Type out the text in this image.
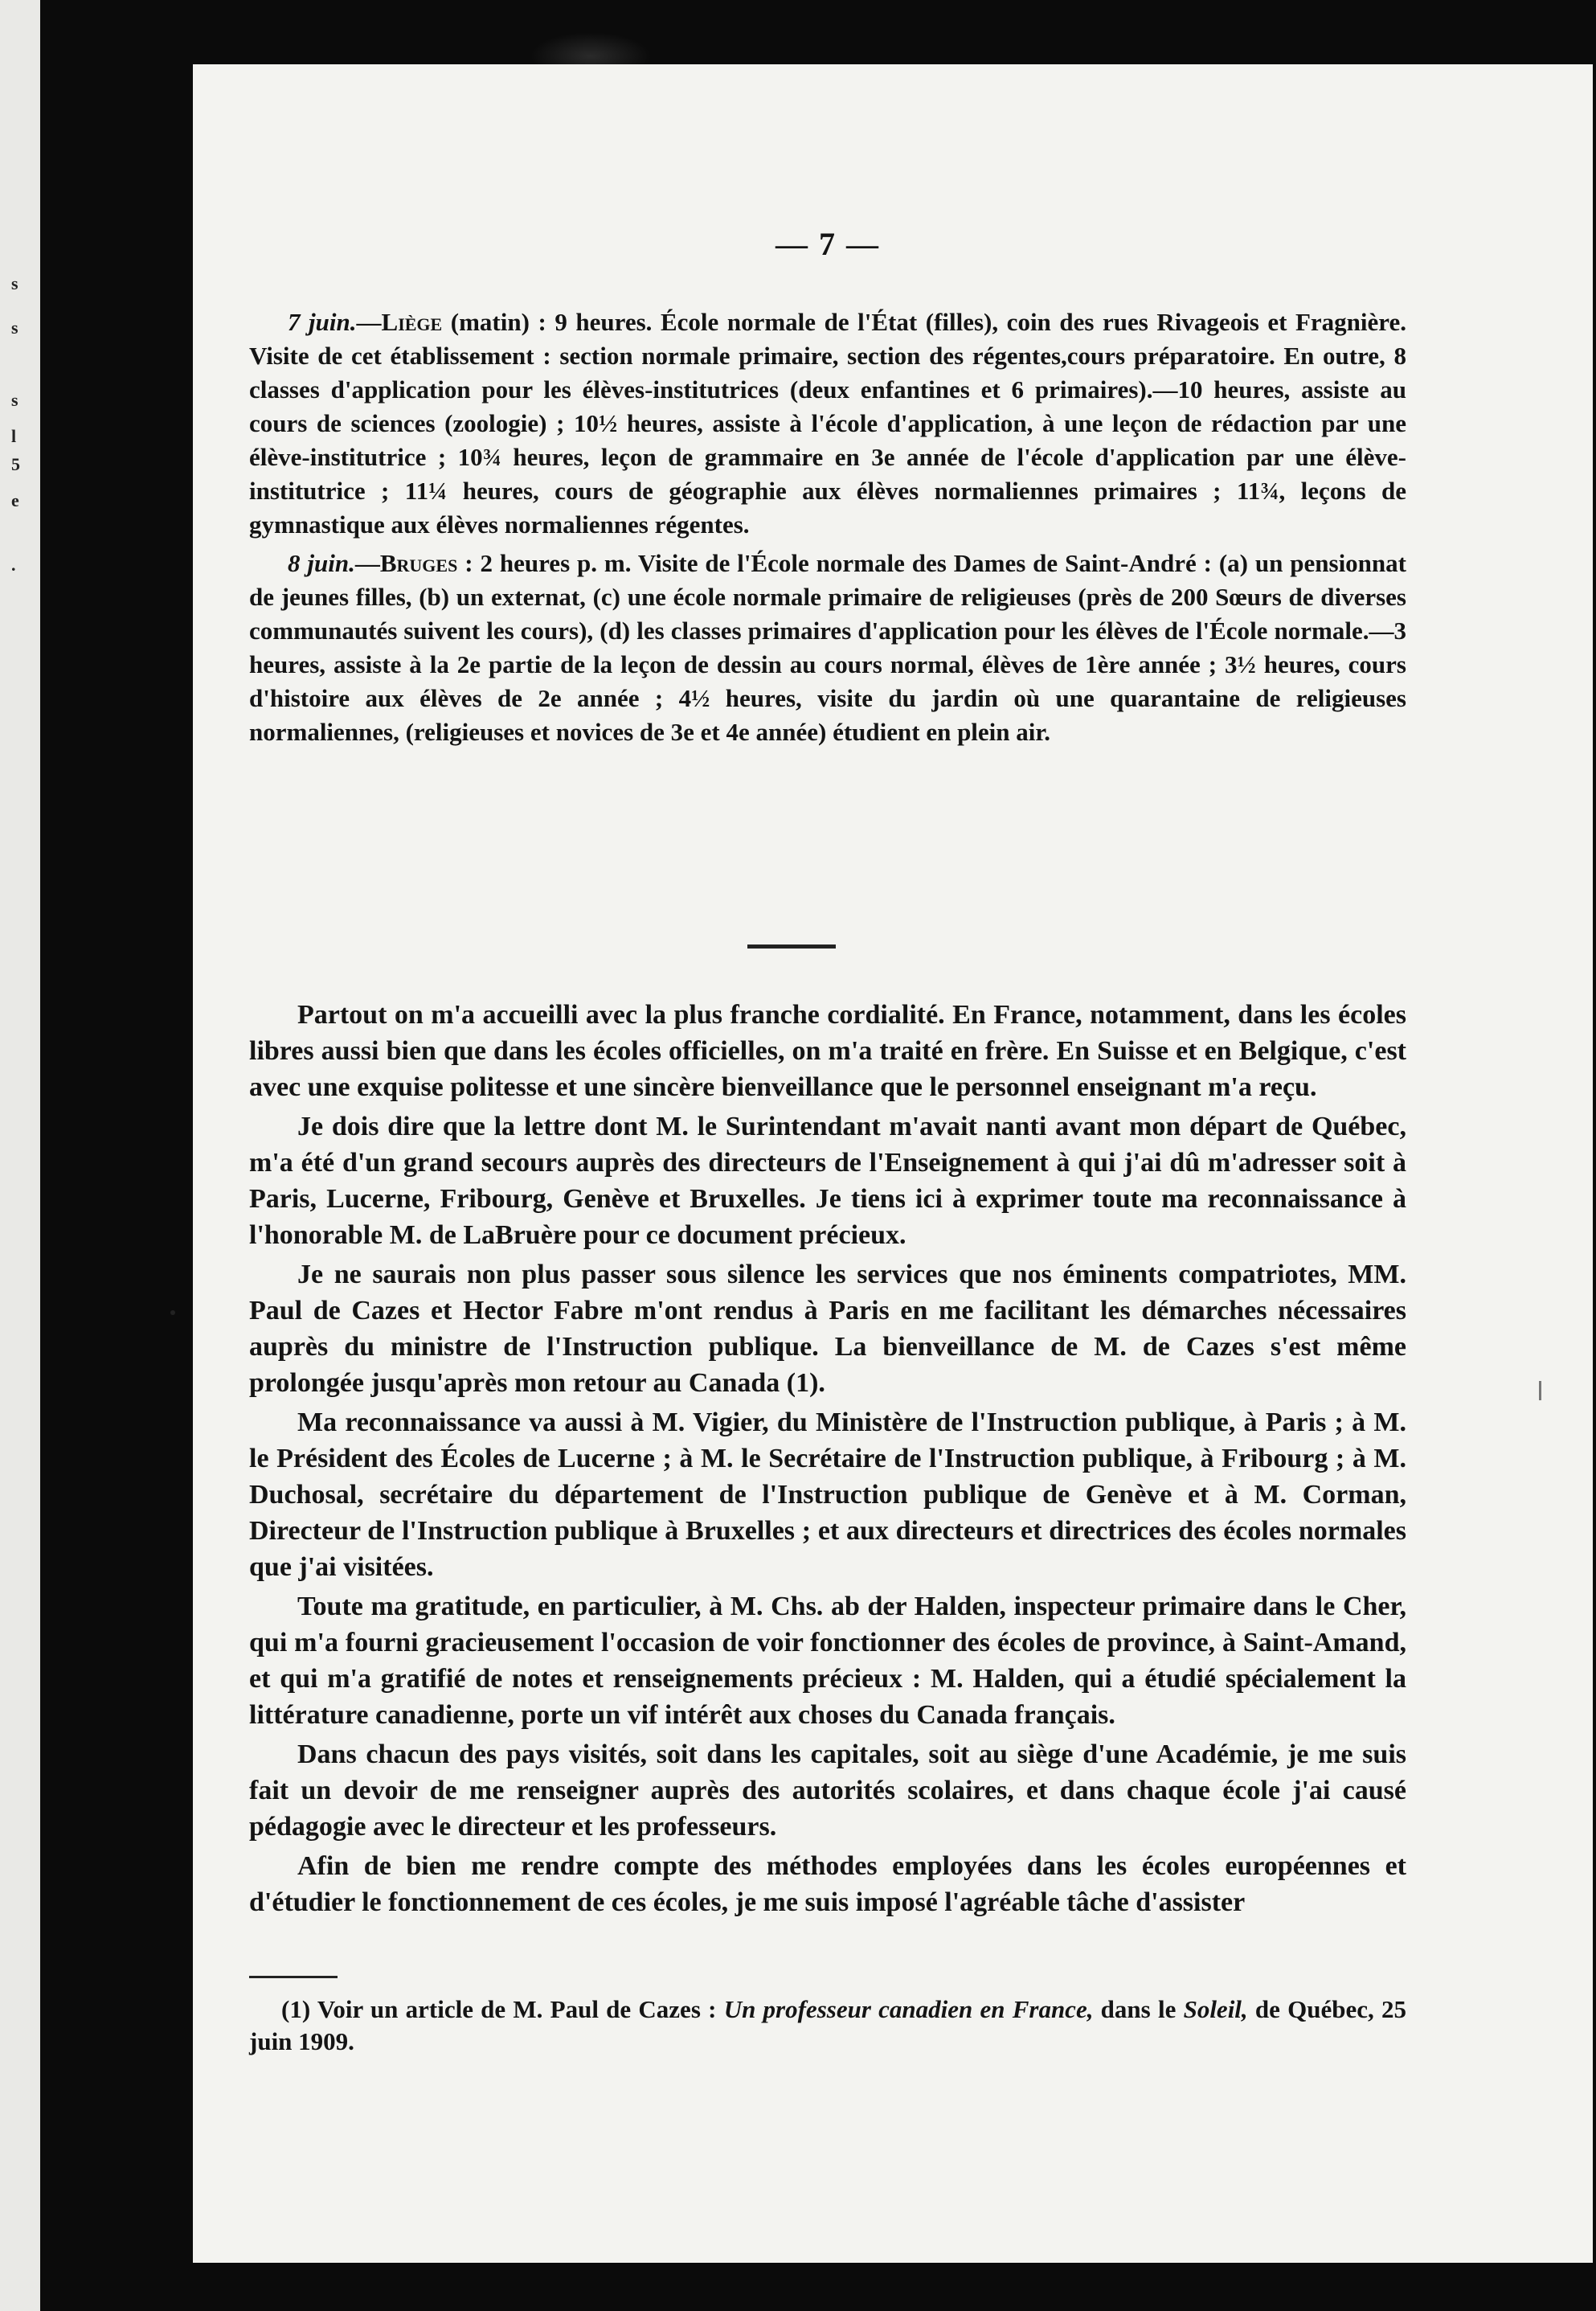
s
s
s
l
5
e
.
— 7 —

7 juin.—Liège (matin) : 9 heures. École normale de l'État (filles), coin des rues Rivageois et Fragnière. Visite de cet établissement : section normale primaire, section des régentes,cours préparatoire. En outre, 8 classes d'application pour les élèves-institutrices (deux enfantines et 6 primaires).—10 heures, assiste au cours de sciences (zoologie) ; 10½ heures, assiste à l'école d'application, à une leçon de rédaction par une élève-institutrice ; 10¾ heures, leçon de grammaire en 3e année de l'école d'application par une élève-institutrice ; 11¼ heures, cours de géographie aux élèves normaliennes primaires ; 11¾, leçons de gymnastique aux élèves normaliennes régentes.

8 juin.—Bruges : 2 heures p. m. Visite de l'École normale des Dames de Saint-André : (a) un pensionnat de jeunes filles, (b) un externat, (c) une école normale primaire de religieuses (près de 200 Sœurs de diverses communautés suivent les cours), (d) les classes primaires d'application pour les élèves de l'École normale.—3 heures, assiste à la 2e partie de la leçon de dessin au cours normal, élèves de 1ère année ; 3½ heures, cours d'histoire aux élèves de 2e année ; 4½ heures, visite du jardin où une quarantaine de religieuses normaliennes, (religieuses et novices de 3e et 4e année) étudient en plein air.

Partout on m'a accueilli avec la plus franche cordialité. En France, notamment, dans les écoles libres aussi bien que dans les écoles officielles, on m'a traité en frère. En Suisse et en Belgique, c'est avec une exquise politesse et une sincère bienveillance que le personnel enseignant m'a reçu.

Je dois dire que la lettre dont M. le Surintendant m'avait nanti avant mon départ de Québec, m'a été d'un grand secours auprès des directeurs de l'Enseignement à qui j'ai dû m'adresser soit à Paris, Lucerne, Fribourg, Genève et Bruxelles. Je tiens ici à exprimer toute ma reconnaissance à l'honorable M. de LaBruère pour ce document précieux.

Je ne saurais non plus passer sous silence les services que nos éminents compatriotes, MM. Paul de Cazes et Hector Fabre m'ont rendus à Paris en me facilitant les démarches nécessaires auprès du ministre de l'Instruction publique. La bienveillance de M. de Cazes s'est même prolongée jusqu'après mon retour au Canada (1).

Ma reconnaissance va aussi à M. Vigier, du Ministère de l'Instruction publique, à Paris ; à M. le Président des Écoles de Lucerne ; à M. le Secrétaire de l'Instruction publique, à Fribourg ; à M. Duchosal, secrétaire du département de l'Instruction publique de Genève et à M. Corman, Directeur de l'Instruction publique à Bruxelles ; et aux directeurs et directrices des écoles normales que j'ai visitées.

Toute ma gratitude, en particulier, à M. Chs. ab der Halden, inspecteur primaire dans le Cher, qui m'a fourni gracieusement l'occasion de voir fonctionner des écoles de province, à Saint-Amand, et qui m'a gratifié de notes et renseignements précieux : M. Halden, qui a étudié spécialement la littérature canadienne, porte un vif intérêt aux choses du Canada français.

Dans chacun des pays visités, soit dans les capitales, soit au siège d'une Académie, je me suis fait un devoir de me renseigner auprès des autorités scolaires, et dans chaque école j'ai causé pédagogie avec le directeur et les professeurs.

Afin de bien me rendre compte des méthodes employées dans les écoles européennes et d'étudier le fonctionnement de ces écoles, je me suis imposé l'agréable tâche d'assister

(1) Voir un article de M. Paul de Cazes : Un professeur canadien en France, dans le Soleil, de Québec, 25 juin 1909.
